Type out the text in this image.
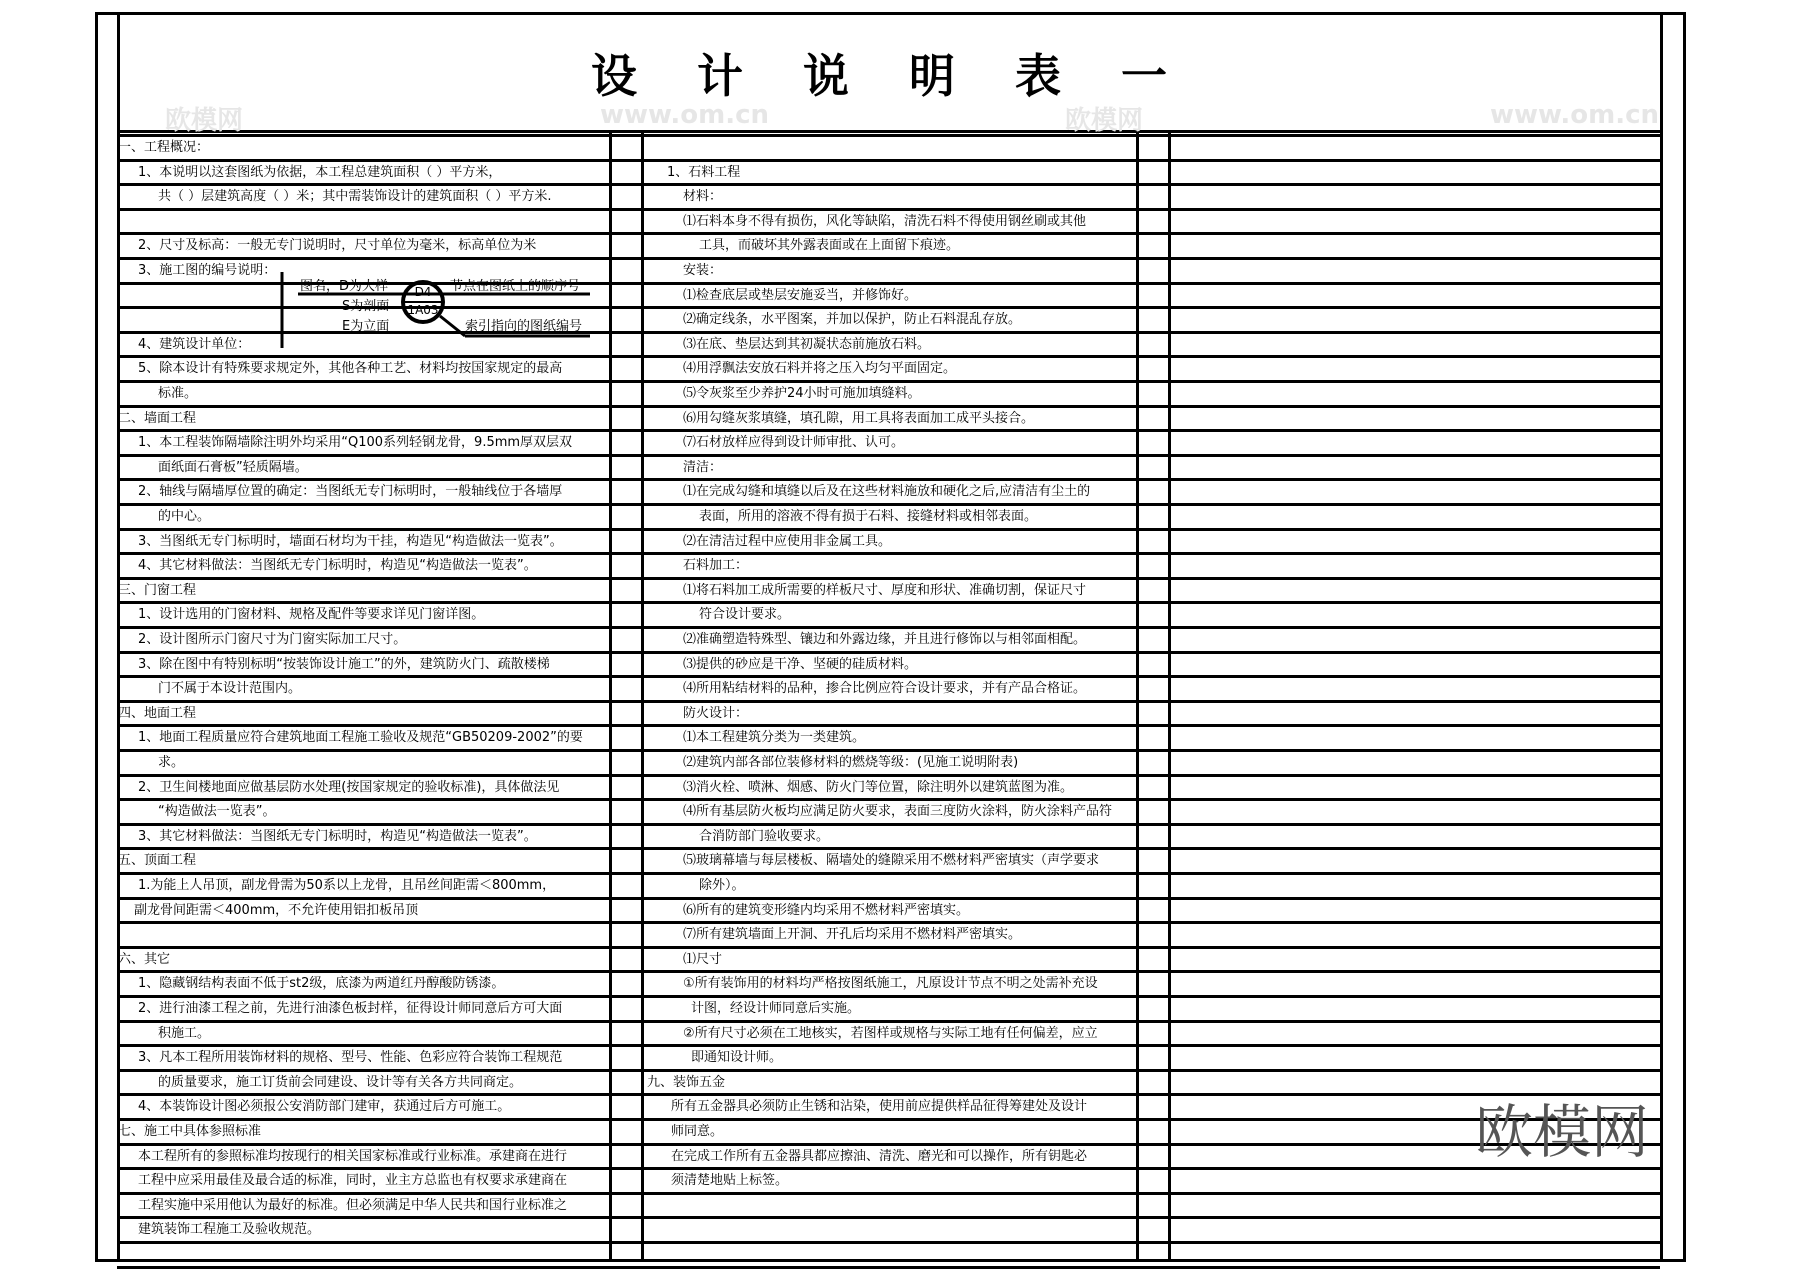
设 计 说 明 表 一
欧模网	www.om.cn	欧模网	www.om.cn
一、工程概况：
1、本说明以这套图纸为依据，本工程总建筑面积（ ）平方米，
共（ ）层建筑高度（ ）米；其中需装饰设计的建筑面积（ ）平方米.
2、尺寸及标高：一般无专门说明时，尺寸单位为毫米，标高单位为米
3、施工图的编号说明：
4、建筑设计单位：
5、除本设计有特殊要求规定外，其他各种工艺、材料均按国家规定的最高
标准。
二、墙面工程
1、本工程装饰隔墙除注明外均采用“Q100系列轻钢龙骨，9.5mm厚双层双
面纸面石膏板”轻质隔墙。
2、轴线与隔墙厚位置的确定：当图纸无专门标明时，一般轴线位于各墙厚
的中心。
3、当图纸无专门标明时，墙面石材均为干挂，构造见“构造做法一览表”。
4、其它材料做法：当图纸无专门标明时，构造见“构造做法一览表”。
三、门窗工程
1、设计选用的门窗材料、规格及配件等要求详见门窗详图。
2、设计图所示门窗尺寸为门窗实际加工尺寸。
3、除在图中有特别标明“按装饰设计施工”的外，建筑防火门、疏散楼梯
门不属于本设计范围内。
四、地面工程
1、地面工程质量应符合建筑地面工程施工验收及规范“GB50209-2002”的要
求。
2、卫生间楼地面应做基层防水处理(按国家规定的验收标准)，具体做法见
“构造做法一览表”。
3、其它材料做法：当图纸无专门标明时，构造见“构造做法一览表”。
五、顶面工程
1.为能上人吊顶，副龙骨需为50系以上龙骨，且吊丝间距需＜800mm，
副龙骨间距需＜400mm，不允许使用铝扣板吊顶
六、其它
1、隐藏钢结构表面不低于st2级，底漆为两道红丹醇酸防锈漆。
2、进行油漆工程之前，先进行油漆色板封样，征得设计师同意后方可大面
积施工。
3、凡本工程所用装饰材料的规格、型号、性能、色彩应符合装饰工程规范
的质量要求，施工订货前会同建设、设计等有关各方共同商定。
4、本装饰设计图必须报公安消防部门建审，获通过后方可施工。
七、施工中具体参照标准
本工程所有的参照标准均按现行的相关国家标准或行业标准。承建商在进行
工程中应采用最佳及最合适的标准，同时，业主方总监也有权要求承建商在
工程实施中采用他认为最好的标准。但必须满足中华人民共和国行业标准之
建筑装饰工程施工及验收规范。
1、石料工程
材料：
⑴石料本身不得有损伤，风化等缺陷，清洗石料不得使用钢丝刷或其他
工具，而破坏其外露表面或在上面留下痕迹。
安装：
⑴检查底层或垫层安施妥当，并修饰好。
⑵确定线条，水平图案，并加以保护，防止石料混乱存放。
⑶在底、垫层达到其初凝状态前施放石料。
⑷用浮飘法安放石料并将之压入均匀平面固定。
⑸令灰浆至少养护24小时可施加填缝料。
⑹用勾缝灰浆填缝，填孔隙，用工具将表面加工成平头接合。
⑺石材放样应得到设计师审批、认可。
清洁：
⑴在完成勾缝和填缝以后及在这些材料施放和硬化之后,应清洁有尘土的
表面，所用的溶液不得有损于石料、接缝材料或相邻表面。
⑵在清洁过程中应使用非金属工具。
石料加工：
⑴将石料加工成所需要的样板尺寸、厚度和形状、准确切割，保证尺寸
符合设计要求。
⑵准确塑造特殊型、镶边和外露边缘，并且进行修饰以与相邻面相配。
⑶提供的砂应是干净、坚硬的硅质材料。
⑷所用粘结材料的品种，掺合比例应符合设计要求，并有产品合格证。
防火设计：
⑴本工程建筑分类为一类建筑。
⑵建筑内部各部位装修材料的燃烧等级：(见施工说明附表)
⑶消火栓、喷淋、烟感、防火门等位置，除注明外以建筑蓝图为准。
⑷所有基层防火板均应满足防火要求，表面三度防火涂料，防火涂料产品符
合消防部门验收要求。
⑸玻璃幕墙与每层楼板、隔墙处的缝隙采用不燃材料严密填实（声学要求
除外）。
⑹所有的建筑变形缝内均采用不燃材料严密填实。
⑺所有建筑墙面上开洞、开孔后均采用不燃材料严密填实。
⑴尺寸
①所有装饰用的材料均严格按图纸施工，凡原设计节点不明之处需补充设
计图，经设计师同意后实施。
②所有尺寸必须在工地核实，若图样或规格与实际工地有任何偏差，应立
即通知设计师。
九、装饰五金
所有五金器具必须防止生锈和沾染，使用前应提供样品征得筹建处及设计
师同意。
在完成工作所有五金器具都应擦油、清洗、磨光和可以操作，所有钥匙必
须清楚地贴上标签。
D4
1A03
图名，D为大样
S为剖面
E为立面
节点在图纸上的顺序号
索引指向的图纸编号
欧模网
